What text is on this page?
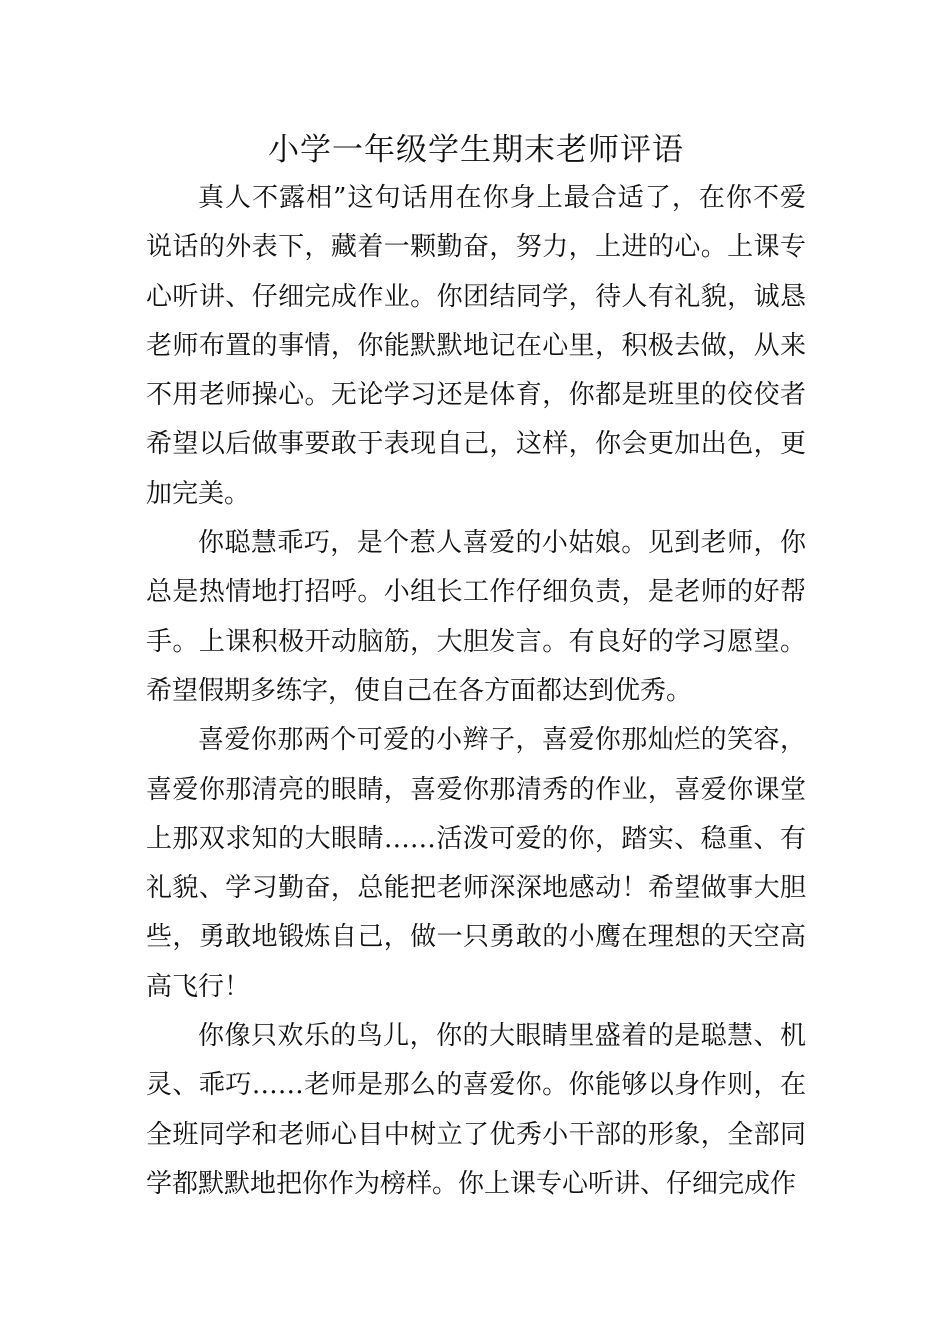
小学一年级学生期末老师评语

真人不露相”这句话用在你身上最合适了，在你不爱说话的外表下，藏着一颗勤奋，努力，上进的心。上课专心听讲、仔细完成作业。你团结同学，待人有礼貌，诚恳老师布置的事情，你能默默地记在心里，积极去做，从来不用老师操心。无论学习还是体育，你都是班里的佼佼者希望以后做事要敢于表现自己，这样，你会更加出色，更加完美。

你聪慧乖巧，是个惹人喜爱的小姑娘。见到老师，你总是热情地打招呼。小组长工作仔细负责，是老师的好帮手。上课积极开动脑筋，大胆发言。有良好的学习愿望。希望假期多练字，使自己在各方面都达到优秀。

喜爱你那两个可爱的小辫子，喜爱你那灿烂的笑容，喜爱你那清亮的眼睛，喜爱你那清秀的作业，喜爱你课堂上那双求知的大眼睛……活泼可爱的你，踏实、稳重、有礼貌、学习勤奋，总能把老师深深地感动！希望做事大胆些，勇敢地锻炼自己，做一只勇敢的小鹰在理想的天空高高飞行！

你像只欢乐的鸟儿，你的大眼睛里盛着的是聪慧、机灵、乖巧……老师是那么的喜爱你。你能够以身作则，在全班同学和老师心目中树立了优秀小干部的形象，全部同学都默默地把你作为榜样。你上课专心听讲、仔细完成作
